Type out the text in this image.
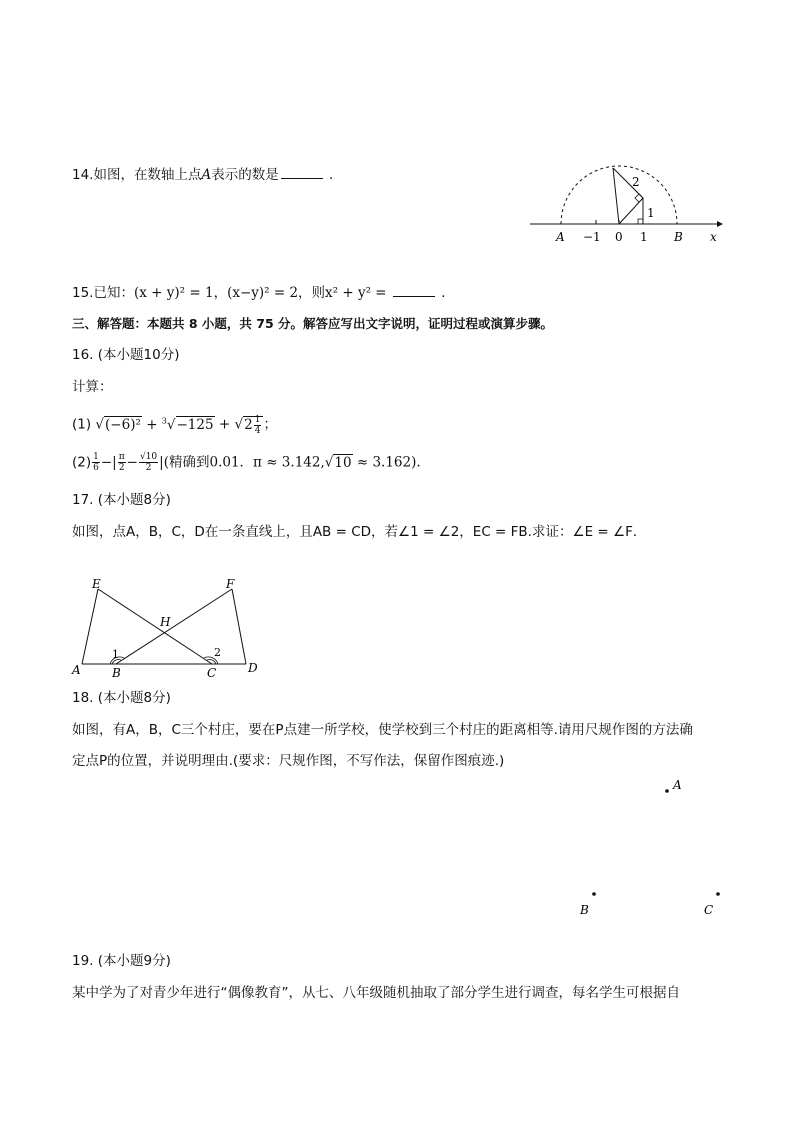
14.如图，在数轴上点A表示的数是	．
A −1 0 1 B x
2
1
15.已知：(x + y)² = 1，(x−y)² = 2，则x² + y² =	．
三、解答题：本题共 8 小题，共 75 分。解答应写出文字说明，证明过程或演算步骤。
16. (本小题10分)
计算：
(1) $√(-6)^2 + ^3√-125 + √2 \frac{1}{4}$ ；
$(2) \frac{1}{6}$ −| $\frac{\pi}{2} - \frac{√10}{2}$ |(精确到0.01．π ≈ 3.142,√10 ≈ 3.162).
17. (本小题8分)
如图，点A，B，C，D在一条直线上，且AB = CD，若∠1 = ∠2，EC = FB.求证：∠E = ∠F．
E	F
H
A	B	C	D
1	2
18. (本小题8分)
如图，有A，B，C三个村庄，要在P点建一所学校，使学校到三个村庄的距离相等.请用尺规作图的方法确
定点P的位置，并说明理由.(要求：尺规作图，不写作法，保留作图痕迹.)
A
B	C
19. (本小题9分)
某中学为了对青少年进行“偶像教育”，从七、八年级随机抽取了部分学生进行调查，每名学生可根据自
